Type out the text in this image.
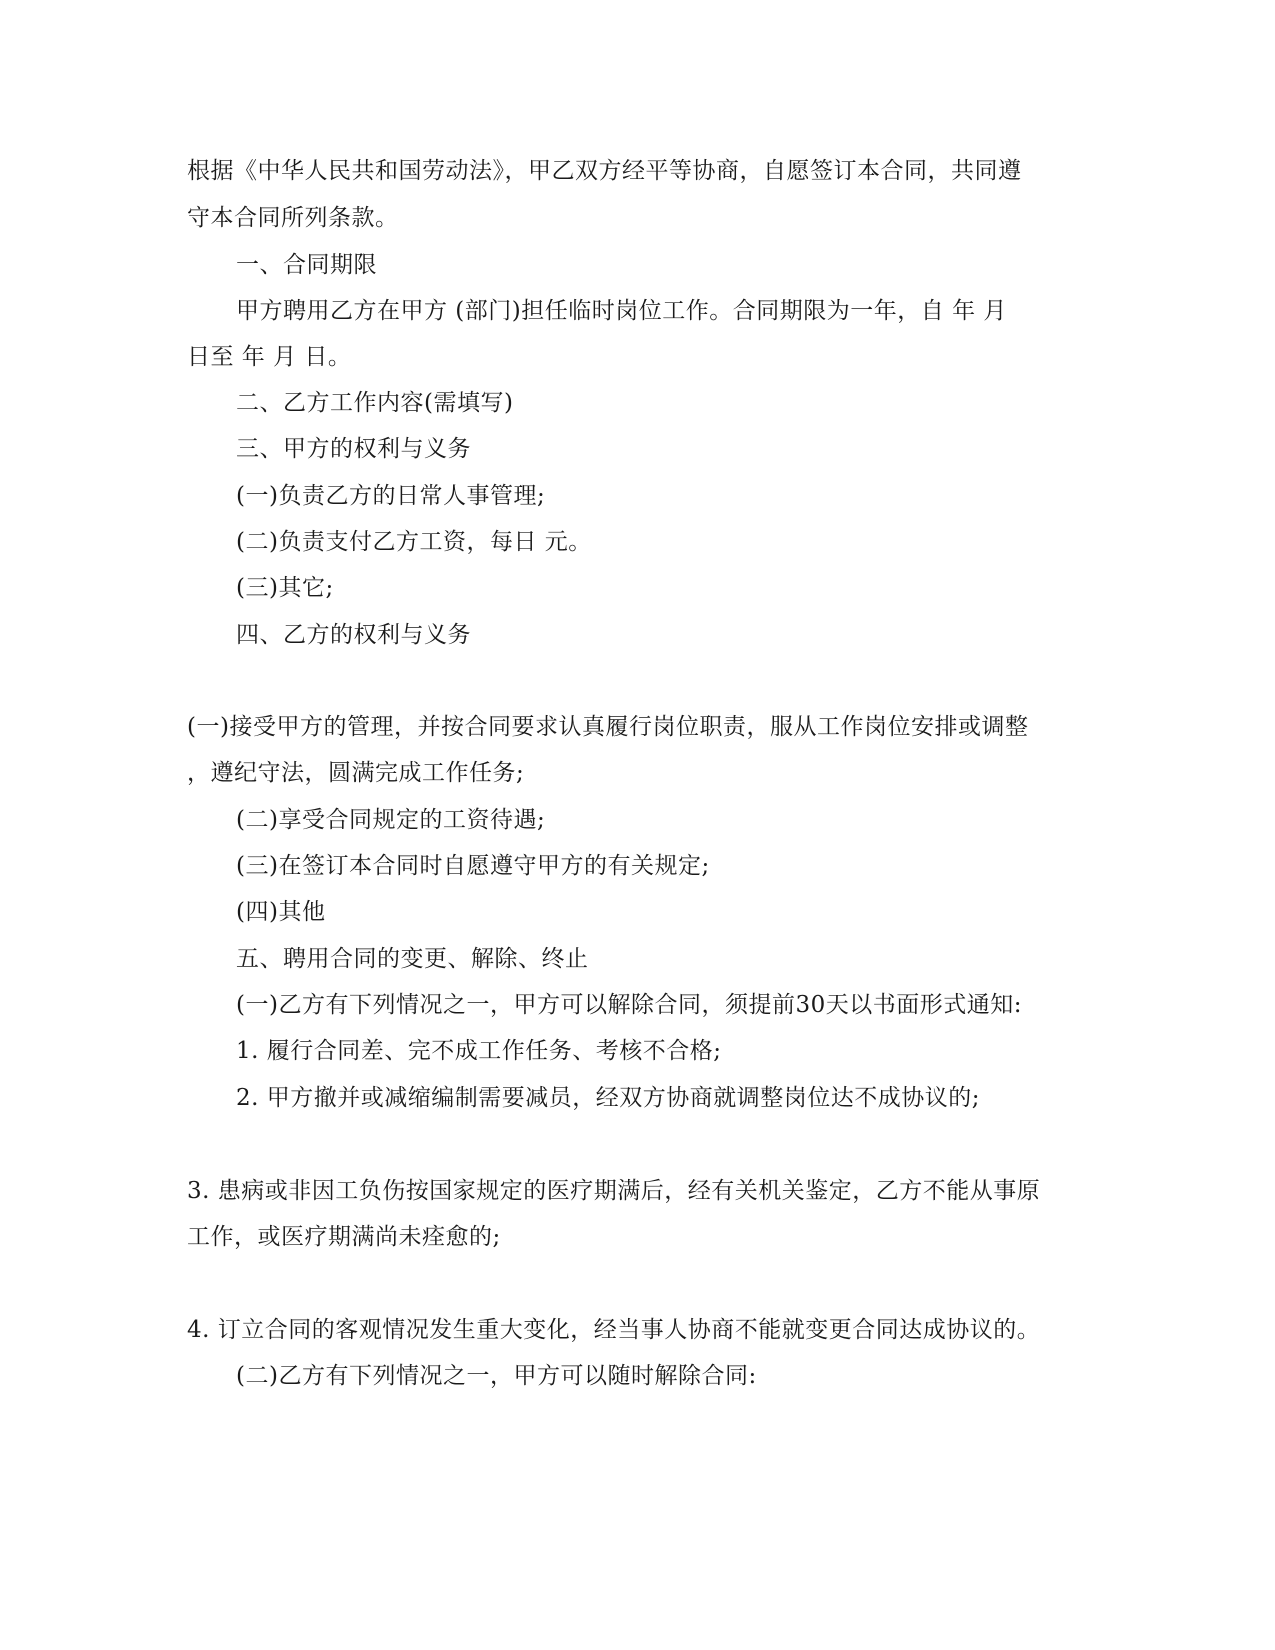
根据《中华人民共和国劳动法》，甲乙双方经平等协商，自愿签订本合同，共同遵
守本合同所列条款。
一、合同期限
甲方聘用乙方在甲方 (部门)担任临时岗位工作。合同期限为一年，自 年 月
日至 年 月 日。
二、乙方工作内容(需填写)
三、甲方的权利与义务
(一)负责乙方的日常人事管理;
(二)负责支付乙方工资，每日 元。
(三)其它;
四、乙方的权利与义务
(一)接受甲方的管理，并按合同要求认真履行岗位职责，服从工作岗位安排或调整
，遵纪守法，圆满完成工作任务;
(二)享受合同规定的工资待遇;
(三)在签订本合同时自愿遵守甲方的有关规定;
(四)其他
五、聘用合同的变更、解除、终止
(一)乙方有下列情况之一，甲方可以解除合同，须提前30天以书面形式通知:
1. 履行合同差、完不成工作任务、考核不合格;
2. 甲方撤并或减缩编制需要减员，经双方协商就调整岗位达不成协议的;
3. 患病或非因工负伤按国家规定的医疗期满后，经有关机关鉴定，乙方不能从事原
工作，或医疗期满尚未痊愈的;
4. 订立合同的客观情况发生重大变化，经当事人协商不能就变更合同达成协议的。
(二)乙方有下列情况之一，甲方可以随时解除合同:
